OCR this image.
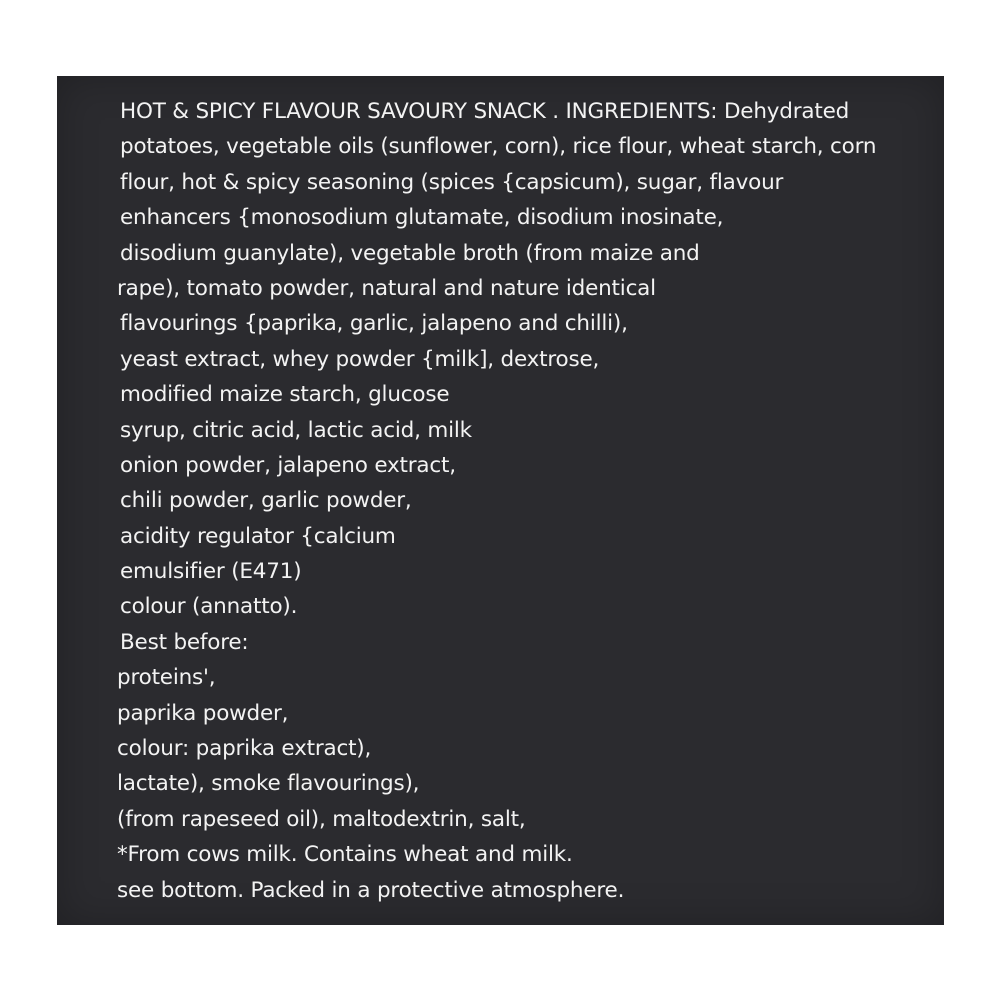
HOT & SPICY FLAVOUR SAVOURY SNACK . INGREDIENTS: Dehydrated
potatoes, vegetable oils (sunflower, corn), rice flour, wheat starch, corn
flour, hot & spicy seasoning (spices {capsicum), sugar, flavour
enhancers {monosodium glutamate, disodium inosinate,
disodium guanylate), vegetable broth (from maize and
rape), tomato powder, natural and nature identical
flavourings {paprika, garlic, jalapeno and chilli),
yeast extract, whey powder {milk], dextrose,
modified maize starch, glucose
syrup, citric acid, lactic acid, milk
onion powder, jalapeno extract,
chili powder, garlic powder,
acidity regulator {calcium
emulsifier (E471)
colour (annatto).
Best before:
proteins',
paprika powder,
colour: paprika extract),
lactate), smoke flavourings),
(from rapeseed oil), maltodextrin, salt,
*From cows milk. Contains wheat and milk.
see bottom. Packed in a protective atmosphere.
